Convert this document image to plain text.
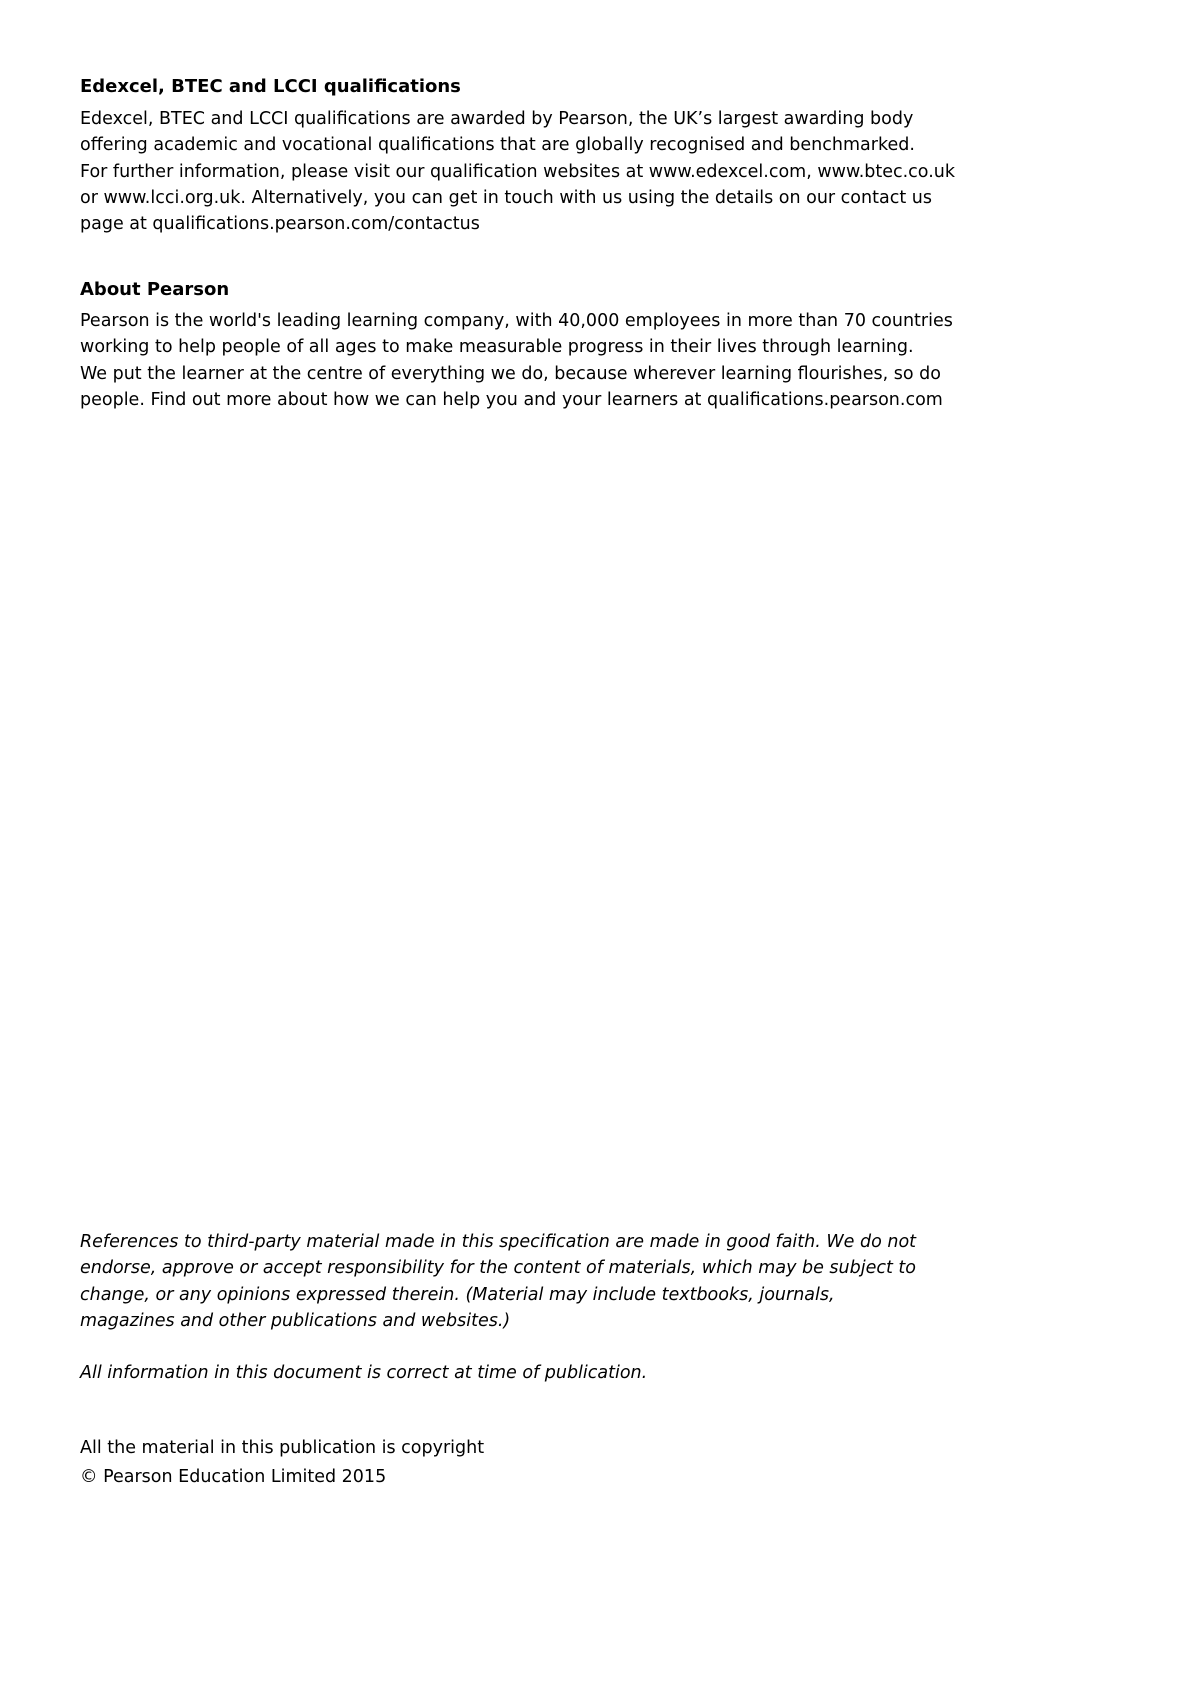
Edexcel, BTEC and LCCI qualifications

Edexcel, BTEC and LCCI qualifications are awarded by Pearson, the UK’s largest awarding body
offering academic and vocational qualifications that are globally recognised and benchmarked.
For further information, please visit our qualification websites at www.edexcel.com, www.btec.co.uk
or www.lcci.org.uk. Alternatively, you can get in touch with us using the details on our contact us
page at qualifications.pearson.com/contactus

About Pearson

Pearson is the world's leading learning company, with 40,000 employees in more than 70 countries
working to help people of all ages to make measurable progress in their lives through learning.
We put the learner at the centre of everything we do, because wherever learning flourishes, so do
people. Find out more about how we can help you and your learners at qualifications.pearson.com

References to third-party material made in this specification are made in good faith. We do not
endorse, approve or accept responsibility for the content of materials, which may be subject to
change, or any opinions expressed therein. (Material may include textbooks, journals,
magazines and other publications and websites.)

All information in this document is correct at time of publication.

All the material in this publication is copyright
© Pearson Education Limited 2015
